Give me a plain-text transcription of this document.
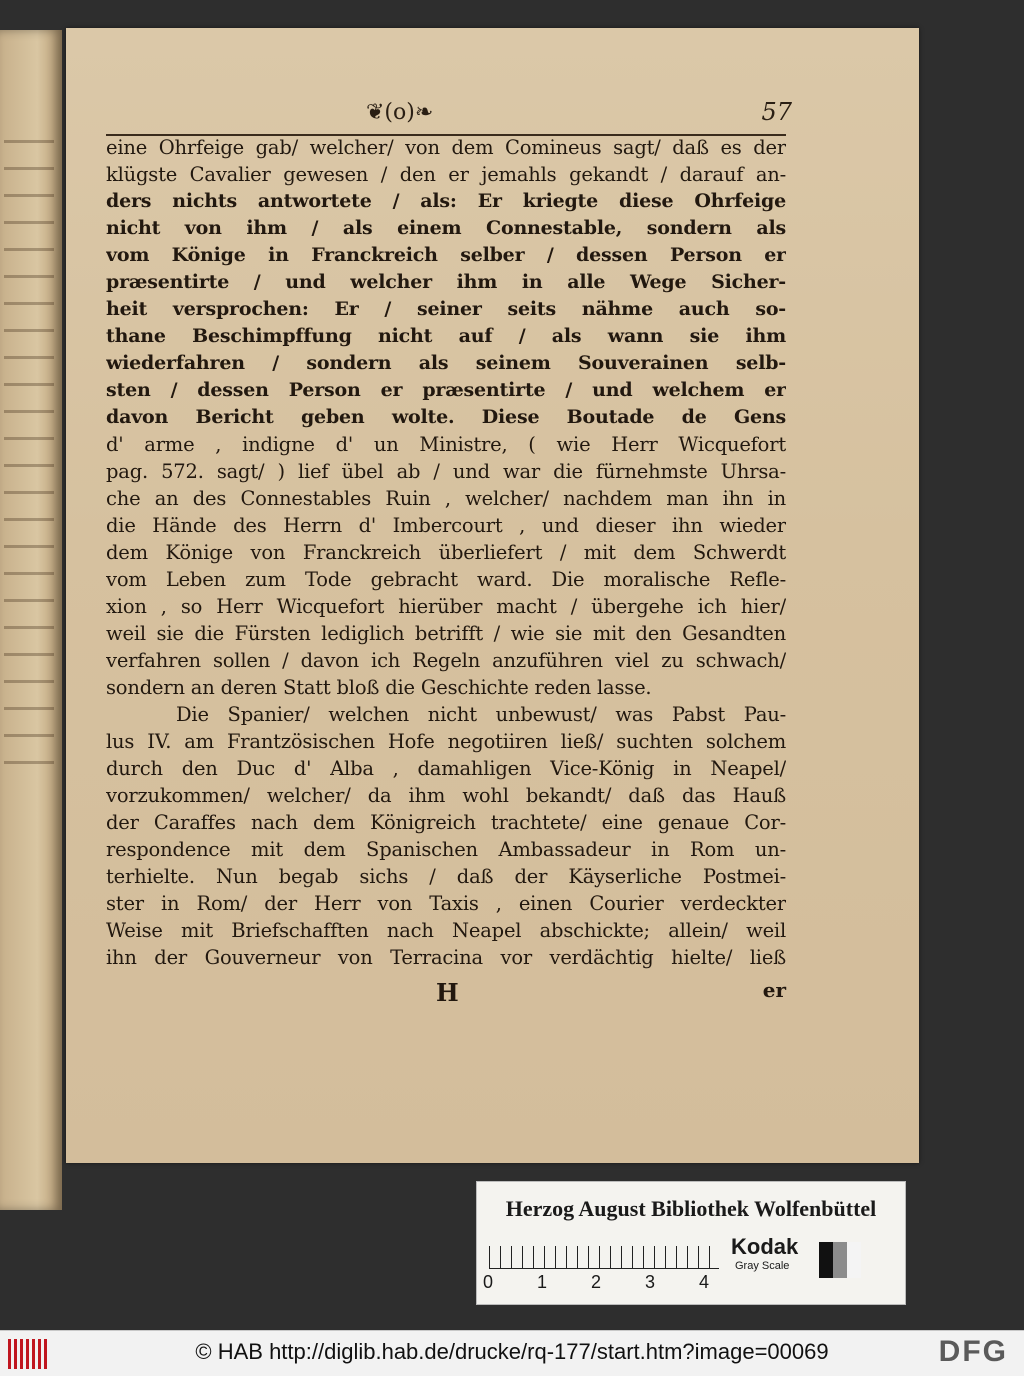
❦(o)❧	57
eine Ohrfeige gab/ welcher/ von dem Comineus sagt/ daß es der
klügste Cavalier gewesen / den er jemahls gekandt / darauf an-
ders nichts antwortete / als: Er kriegte diese Ohrfeige
nicht von ihm / als einem Connestable, sondern als
vom Könige in Franckreich selber / dessen Person er
præsentirte / und welcher ihm in alle Wege Sicher-
heit versprochen: Er / seiner seits nähme auch so-
thane Beschimpffung nicht auf / als wann sie ihm
wiederfahren / sondern als seinem Souverainen selb-
sten / dessen Person er præsentirte / und welchem er
davon Bericht geben wolte. Diese Boutade de Gens
d' arme , indigne d' un Ministre, ( wie Herr Wicquefort
pag. 572. sagt/ ) lief übel ab / und war die fürnehmste Uhrsa-
che an des Connestables Ruin , welcher/ nachdem man ihn in
die Hände des Herrn d' Imbercourt , und dieser ihn wieder
dem Könige von Franckreich überliefert / mit dem Schwerdt
vom Leben zum Tode gebracht ward. Die moralische Refle-
xion , so Herr Wicquefort hierüber macht / übergehe ich hier/
weil sie die Fürsten lediglich betrifft / wie sie mit den Gesandten
verfahren sollen / davon ich Regeln anzuführen viel zu schwach/
sondern an deren Statt bloß die Geschichte reden lasse.
Die Spanier/ welchen nicht unbewust/ was Pabst Pau-
lus IV. am Frantzösischen Hofe negotiiren ließ/ suchten solchem
durch den Duc d' Alba , damahligen Vice-König in Neapel/
vorzukommen/ welcher/ da ihm wohl bekandt/ daß das Hauß
der Caraffes nach dem Königreich trachtete/ eine genaue Cor-
respondence mit dem Spanischen Ambassadeur in Rom un-
terhielte. Nun begab sichs / daß der Käyserliche Postmei-
ster in Rom/ der Herr von Taxis , einen Courier verdeckter
Weise mit Briefschafften nach Neapel abschickte; allein/ weil
ihn der Gouverneur von Terracina vor verdächtig hielte/ ließ
H	er
Herzog August Bibliothek Wolfenbüttel
0 1 2 3 4
Kodak
Gray Scale
© HAB http://diglib.hab.de/drucke/rq-177/start.htm?image=00069	DFG
